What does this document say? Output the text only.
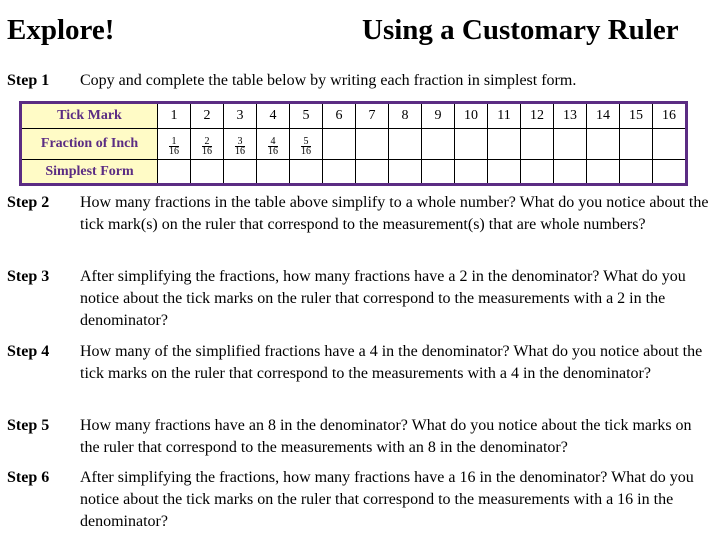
Explore!	Using a Customary Ruler
Step 1 Copy and complete the table below by writing each fraction in simplest form.
Tick Mark	1	2	3	4	5	6	7	8	9	10	11	12	13	14	15	16
Fraction of Inch	$\frac{1}{16}$	$\frac{2}{16}$	$\frac{3}{16}$	$\frac{4}{16}$	$\frac{5}{16}$

Simplest Form																
Step 2 How many fractions in the table above simplify to a whole number? What do you notice about the tick mark(s) on the ruler that correspond to the measurement(s) that are whole numbers?
Step 3 After simplifying the fractions, how many fractions have a 2 in the denominator? What do you notice about the tick marks on the ruler that correspond to the measurements with a 2 in the denominator?
Step 4 How many of the simplified fractions have a 4 in the denominator? What do you notice about the tick marks on the ruler that correspond to the measurements with a 4 in the denominator?
Step 5 How many fractions have an 8 in the denominator? What do you notice about the tick marks on the ruler that correspond to the measurements with an 8 in the denominator?
Step 6 After simplifying the fractions, how many fractions have a 16 in the denominator? What do you notice about the tick marks on the ruler that correspond to the measurements with a 16 in the denominator?
